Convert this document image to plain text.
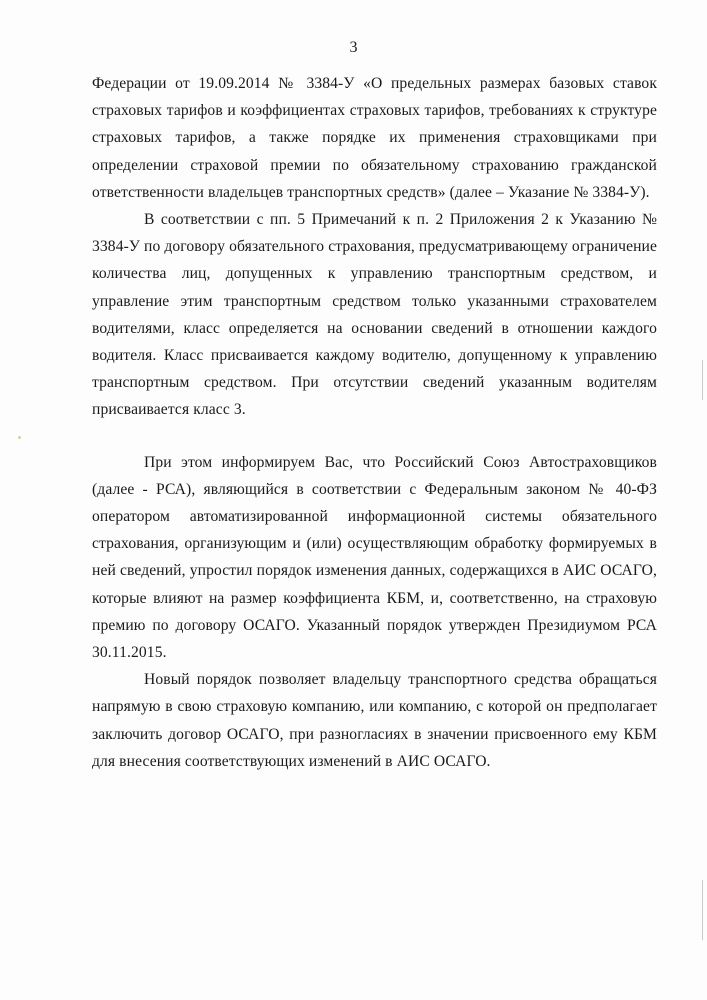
3

Федерации от 19.09.2014 № 3384-У «О предельных размерах базовых ставок страховых тарифов и коэффициентах страховых тарифов, требованиях к структуре страховых тарифов, а также порядке их применения страховщиками при определении страховой премии по обязательному страхованию гражданской ответственности владельцев транспортных средств» (далее – Указание № 3384-У).

В соответствии с пп. 5 Примечаний к п. 2 Приложения 2 к Указанию № 3384-У по договору обязательного страхования, предусматривающему ограничение количества лиц, допущенных к управлению транспортным средством, и управление этим транспортным средством только указанными страхователем водителями, класс определяется на основании сведений в отношении каждого водителя. Класс присваивается каждому водителю, допущенному к управлению транспортным средством. При отсутствии сведений указанным водителям присваивается класс 3.

При этом информируем Вас, что Российский Союз Автостраховщиков (далее - РСА), являющийся в соответствии с Федеральным законом № 40-ФЗ оператором автоматизированной информационной системы обязательного страхования, организующим и (или) осуществляющим обработку формируемых в ней сведений, упростил порядок изменения данных, содержащихся в АИС ОСАГО, которые влияют на размер коэффициента КБМ, и, соответственно, на страховую премию по договору ОСАГО. Указанный порядок утвержден Президиумом РСА 30.11.2015.

Новый порядок позволяет владельцу транспортного средства обращаться напрямую в свою страховую компанию, или компанию, с которой он предполагает заключить договор ОСАГО, при разногласиях в значении присвоенного ему КБМ для внесения соответствующих изменений в АИС ОСАГО.
